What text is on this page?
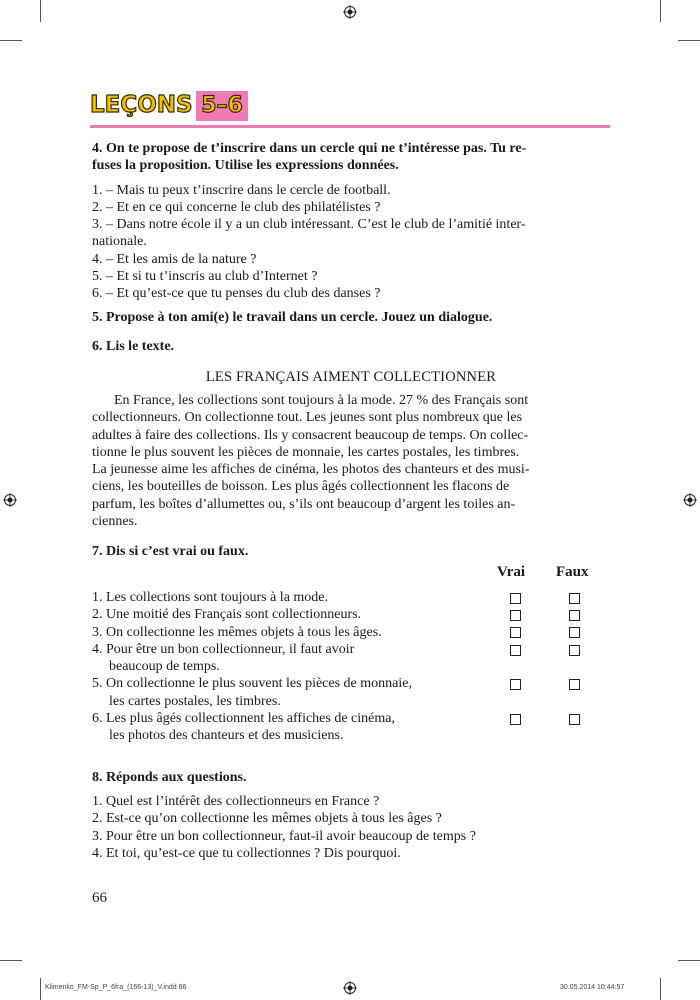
LEÇONS 5–6
4. On te propose de t’inscrire dans un cercle qui ne t’intéresse pas. Tu re-
fuses la proposition. Utilise les expressions données.
1. – Mais tu peux t’inscrire dans le cercle de football.
2. – Et en ce qui concerne le club des philatélistes ?
3. – Dans notre école il y a un club intéressant. C’est le club de l’amitié inter-
nationale.
4. – Et les amis de la nature ?
5. – Et si tu t’inscris au club d’Internet ?
6. – Et qu’est-ce que tu penses du club des danses ?
5. Propose à ton ami(e) le travail dans un cercle. Jouez un dialogue.
6. Lis le texte.
LES FRANÇAIS AIMENT COLLECTIONNER
En France, les collections sont toujours à la mode. 27 % des Français sont
collectionneurs. On collectionne tout. Les jeunes sont plus nombreux que les
adultes à faire des collections. Ils y consacrent beaucoup de temps. On collec-
tionne le plus souvent les pièces de monnaie, les cartes postales, les timbres.
La jeunesse aime les affiches de cinéma, les photos des chanteurs et des musi-
ciens, les bouteilles de boisson. Les plus âgés collectionnent les flacons de
parfum, les boîtes d’allumettes ou, s’ils ont beaucoup d’argent les toiles an-
ciennes.
7. Dis si c’est vrai ou faux.
Vrai Faux
1. Les collections sont toujours à la mode.
2. Une moitié des Français sont collectionneurs.
3. On collectionne les mêmes objets à tous les âges.
4. Pour être un bon collectionneur, il faut avoir
beaucoup de temps.
5. On collectionne le plus souvent les pièces de monnaie,
les cartes postales, les timbres.
6. Les plus âgés collectionnent les affiches de cinéma,
les photos des chanteurs et des musiciens.
8. Réponds aux questions.
1. Quel est l’intérêt des collectionneurs en France ?
2. Est-ce qu’on collectionne les mêmes objets à tous les âges ?
3. Pour être un bon collectionneur, faut-il avoir beaucoup de temps ?
4. Et toi, qu’est-ce que tu collectionnes ? Dis pourquoi.
66
Klimenko_FM-Sp_P_6fra_(166-13)_V.indd 66	30.05.2014 10:44:57
